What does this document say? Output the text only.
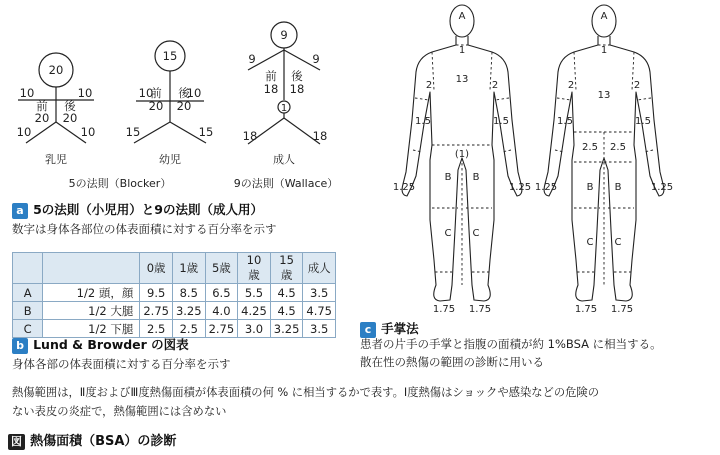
20
10	10
前 後
20 20
10	10
乳児
15
10	10
前 後
20 20
15	15
幼児
9
9	9
前 後
18 18
1
18	18
成人
5の法則（Blocker）	9の法則（Wallace）
a 5の法則（小児用）と9の法則（成人用）
数字は身体各部位の体表面積に対する百分率を示す
		0歳	1歳	5歳	10歳	15歳	成人
A	1/2 頭，顔	9.5	8.5	6.5	5.5	4.5	3.5
B	1/2 大腿	2.75	3.25	4.0	4.25	4.5	4.75
C	1/2 下腿	2.5	2.5	2.75	3.0	3.25	3.5
b Lund & Browder の図表
身体各部の体表面積に対する百分率を示す
A
1
13
2	2
1.5	1.5
(1)
1.25	1.25
B B
C C
1.75 1.75
A
1
13
2	2
1.5	1.5
2.5 2.5
1.25	1.25
B B
C C
1.75 1.75
c 手掌法
患者の片手の手掌と指腹の面積が約 1%BSA に相当する。
散在性の熱傷の範囲の診断に用いる
熱傷範囲は，Ⅱ度およびⅢ度熱傷面積が体表面積の何 % に相当するかで表す。Ⅰ度熱傷はショックや感染などの危険の
ない表皮の炎症で，熱傷範囲には含めない
図 熱傷面積（BSA）の診断
